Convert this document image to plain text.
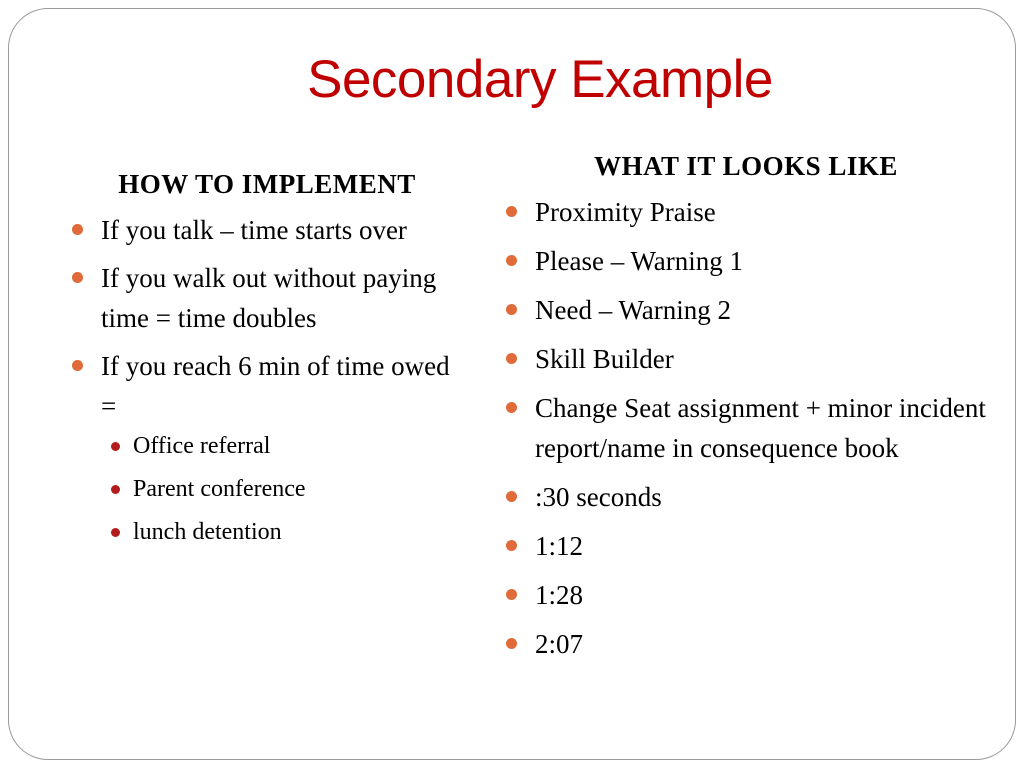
Secondary Example
HOW TO IMPLEMENT
If you talk – time starts over
If you walk out without paying time = time doubles
If you reach 6 min of time owed =
Office referral
Parent conference
lunch detention
WHAT IT LOOKS LIKE
Proximity Praise
Please – Warning 1
Need – Warning 2
Skill Builder
Change Seat assignment + minor incident report/name in consequence book
:30 seconds
1:12
1:28
2:07
